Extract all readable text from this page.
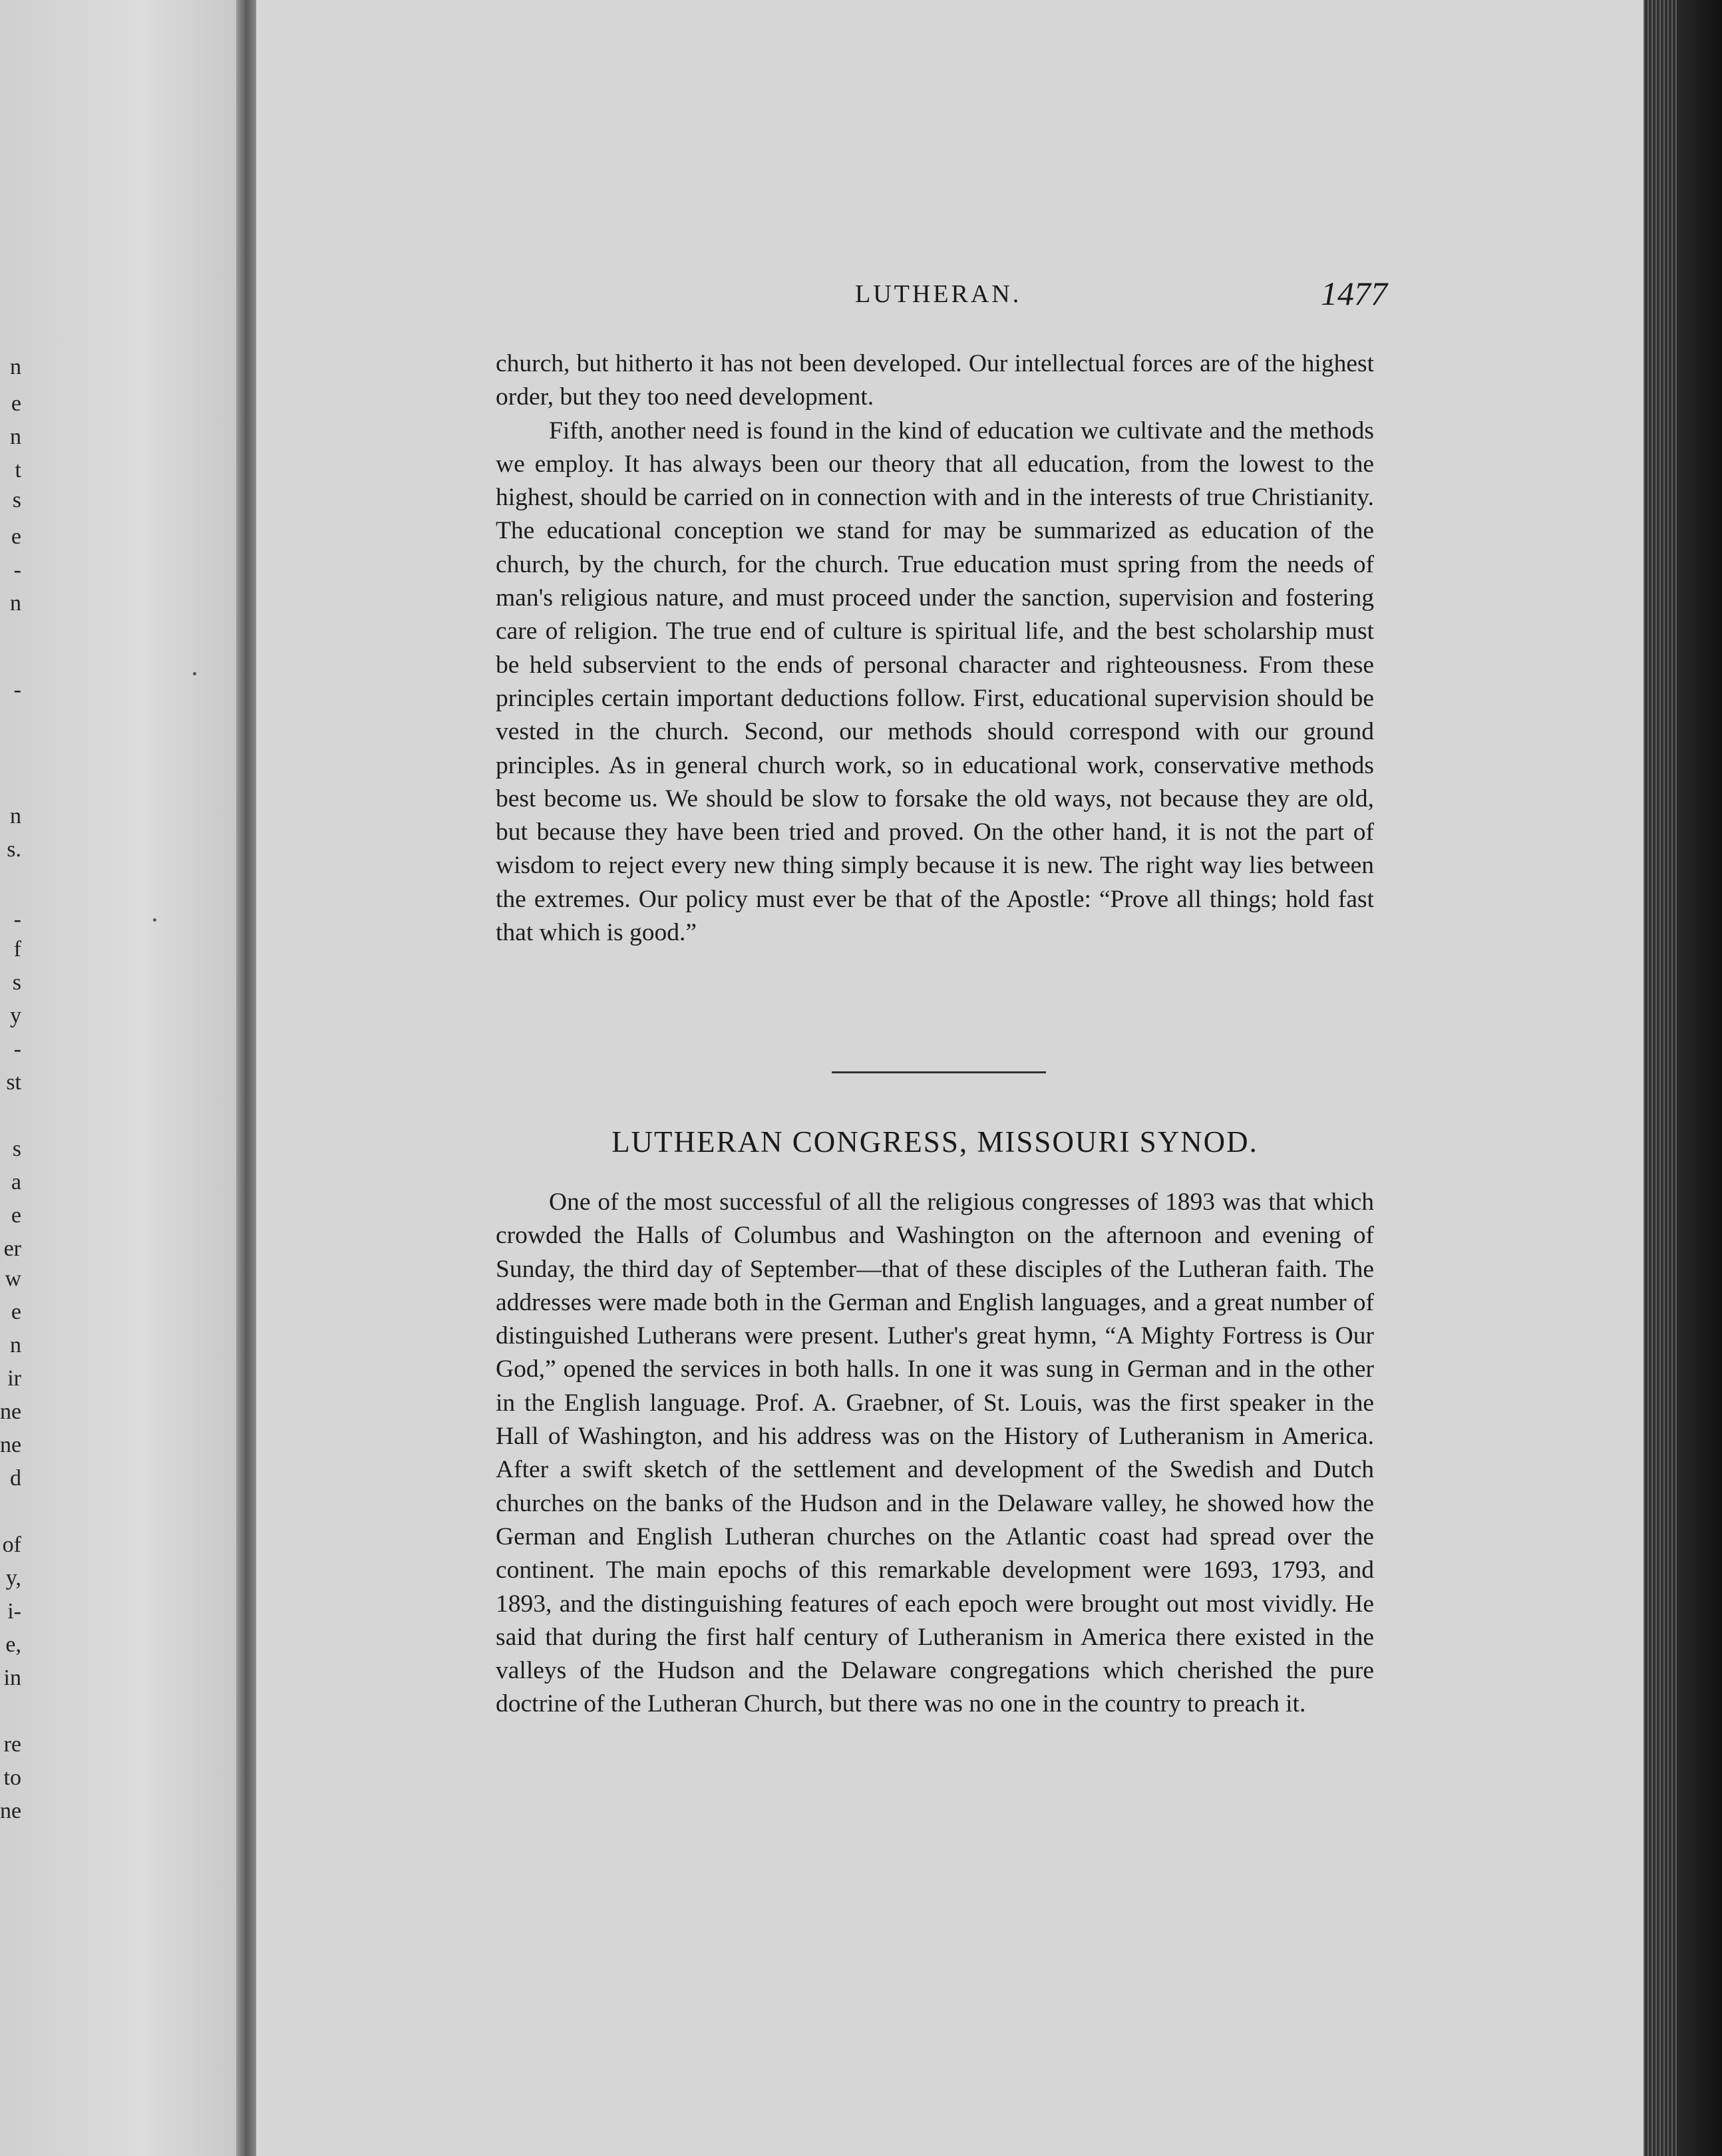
n
e
n
t
s
e
-
n
-
n
s.
-
f
s
y
-
st
s
a
e
er
w
e
n
ir
ne
ne
d
of
y,
i-
e,
in
re
to
ne
LUTHERAN.	1477

church, but hitherto it has not been developed. Our intellectual forces are of the highest order, but they too need development.

Fifth, another need is found in the kind of education we cultivate and the methods we employ. It has always been our theory that all education, from the lowest to the highest, should be carried on in connection with and in the interests of true Christianity. The educational conception we stand for may be summarized as education of the church, by the church, for the church. True education must spring from the needs of man's religious nature, and must proceed under the sanction, supervision and fostering care of religion. The true end of culture is spiritual life, and the best scholarship must be held subservient to the ends of personal character and righteousness. From these principles certain important deductions follow. First, educational supervision should be vested in the church. Second, our methods should correspond with our ground principles. As in general church work, so in educational work, conservative methods best become us. We should be slow to forsake the old ways, not because they are old, but because they have been tried and proved. On the other hand, it is not the part of wisdom to reject every new thing simply because it is new. The right way lies between the extremes. Our policy must ever be that of the Apostle: “Prove all things; hold fast that which is good.”

LUTHERAN CONGRESS, MISSOURI SYNOD.

One of the most successful of all the religious congresses of 1893 was that which crowded the Halls of Columbus and Washington on the afternoon and evening of Sunday, the third day of September—that of these disciples of the Lutheran faith. The addresses were made both in the German and English languages, and a great number of distinguished Lutherans were present. Luther's great hymn, “A Mighty Fortress is Our God,” opened the services in both halls. In one it was sung in German and in the other in the English language. Prof. A. Graebner, of St. Louis, was the first speaker in the Hall of Washington, and his address was on the History of Lutheranism in America. After a swift sketch of the settlement and development of the Swedish and Dutch churches on the banks of the Hudson and in the Delaware valley, he showed how the German and English Lutheran churches on the Atlantic coast had spread over the continent. The main epochs of this remarkable development were 1693, 1793, and 1893, and the distinguishing features of each epoch were brought out most vividly. He said that during the first half century of Lutheranism in America there existed in the valleys of the Hudson and the Delaware congregations which cherished the pure doctrine of the Lutheran Church, but there was no one in the country to preach it.
